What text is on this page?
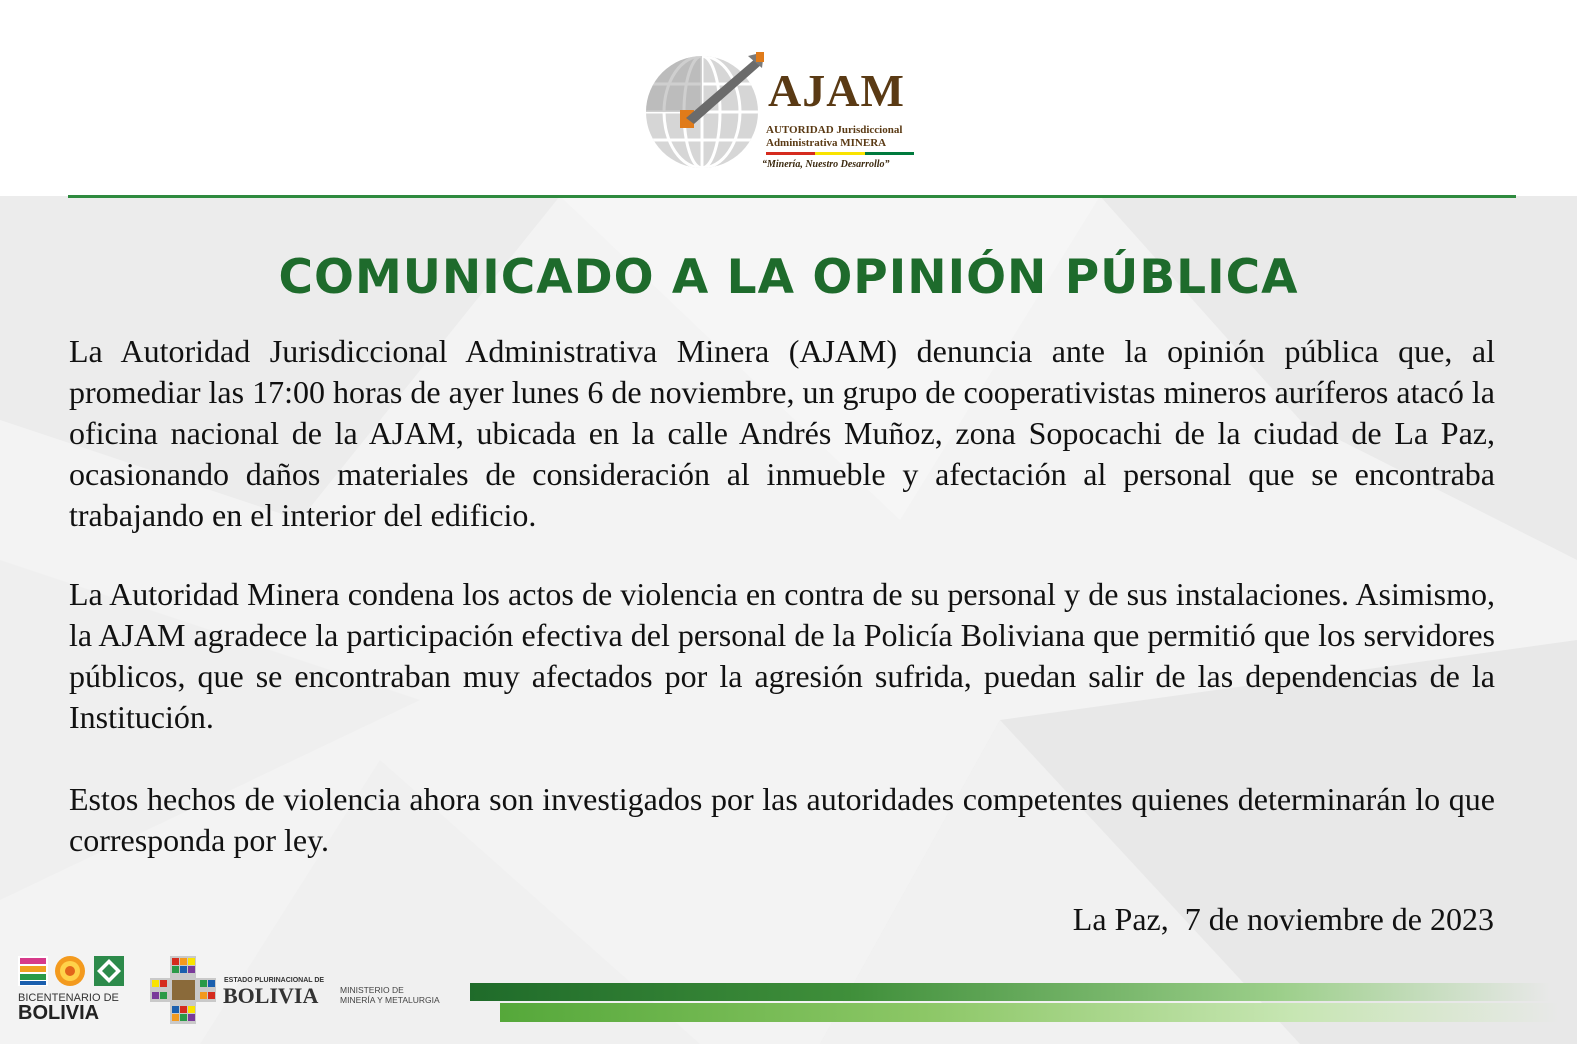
AJAM
AUTORIDAD Jurisdiccional
Administrativa MINERA
“Minería, Nuestro Desarrollo”
COMUNICADO A LA OPINIÓN PÚBLICA

La Autoridad Jurisdiccional Administrativa Minera (AJAM) denuncia ante la opinión pública que, al promediar las 17:00 horas de ayer lunes 6 de noviembre, un grupo de cooperativistas mineros auríferos atacó la oficina nacional de la AJAM, ubicada en la calle Andrés Muñoz, zona Sopocachi de la ciudad de La Paz, ocasionando daños materiales de consideración al inmueble y afectación al personal que se encontraba trabajando en el interior del edificio.

La Autoridad Minera condena los actos de violencia en contra de su personal y de sus instalaciones. Asimismo, la AJAM agradece la participación efectiva del personal de la Policía Boliviana que permitió que los servidores públicos, que se encontraban muy afectados por la agresión sufrida, puedan salir de las dependencias de la Institución.

Estos hechos de violencia ahora son investigados por las autoridades competentes quienes determinarán lo que corresponda por ley.

La Paz,  7 de noviembre de 2023
BICENTENARIO DE
BOLIVIA
ESTADO PLURINACIONAL DE
BOLIVIA	MINISTERIO DE
MINERÍA Y METALURGIA
